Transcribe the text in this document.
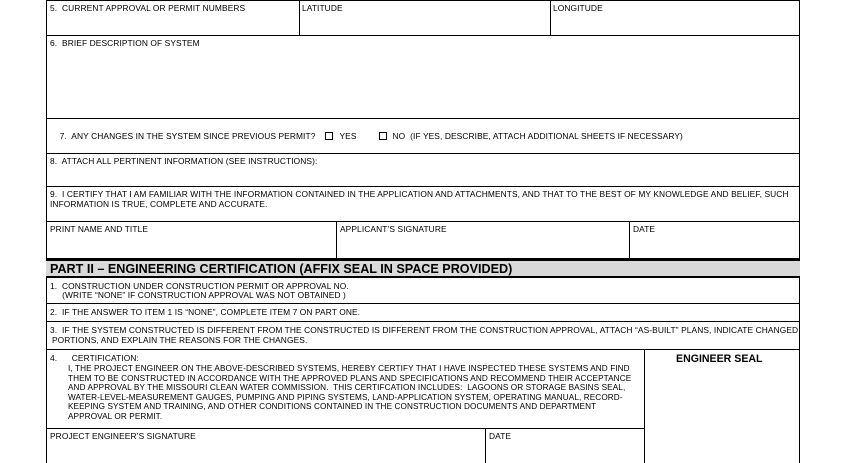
5.  CURRENT APPROVAL OR PERMIT NUMBERS	LATITUDE	LONGITUDE
6.  BRIEF DESCRIPTION OF SYSTEM

7.  ANY CHANGES IN THE SYSTEM SINCE PREVIOUS PERMIT?	YES	NO  (IF YES, DESCRIBE, ATTACH ADDITIONAL SHEETS IF NECESSARY)

8.  ATTACH ALL PERTINENT INFORMATION (SEE INSTRUCTIONS):
9.  I CERTIFY THAT I AM FAMILIAR WITH THE INFORMATION CONTAINED IN THE APPLICATION AND ATTACHMENTS, AND THAT TO THE BEST OF MY KNOWLEDGE AND BELIEF, SUCH INFORMATION IS TRUE, COMPLETE AND ACCURATE.
PRINT NAME AND TITLE	APPLICANT’S SIGNATURE	DATE
PART II – ENGINEERING CERTIFICATION (AFFIX SEAL IN SPACE PROVIDED)
1.  CONSTRUCTION UNDER CONSTRUCTION PERMIT OR APPROVAL NO.
(WRITE “NONE” IF CONSTRUCTION APPROVAL WAS NOT OBTAINED )
2.  IF THE ANSWER TO ITEM 1 IS “NONE”, COMPLETE ITEM 7 ON PART ONE.
3.  IF THE SYSTEM CONSTRUCTED IS DIFFERENT FROM THE CONSTRUCTED IS DIFFERENT FROM THE CONSTRUCTION APPROVAL, ATTACH “AS-BUILT” PLANS, INDICATE CHANGED
PORTIONS, AND EXPLAIN THE REASONS FOR THE CHANGES.
ENGINEER SEAL
4.      CERTIFICATION:
I, THE PROJECT ENGINEER ON THE ABOVE-DESCRIBED SYSTEMS, HEREBY CERTIFY THAT I HAVE INSPECTED THESE SYSTEMS AND FIND THEM TO BE CONSTRUCTED IN ACCORDANCE WITH THE APPROVED PLANS AND SPECIFICATIONS AND RECOMMEND THEIR ACCEPTANCE AND APPROVAL BY THE MISSOURI CLEAN WATER COMMISSION.  THIS CERTIFCATION INCLUDES:  LAGOONS OR STORAGE BASINS SEAL, WATER-LEVEL-MEASUREMENT GAUGES, PUMPING AND PIPING SYSTEMS, LAND-APPLICATION SYSTEM, OPERATING MANUAL, RECORD-KEEPING SYSTEM AND TRAINING, AND OTHER CONDITIONS CONTAINED IN THE CONSTRUCTION DOCUMENTS AND DEPARTMENT APPROVAL OR PERMIT.
PROJECT ENGINEER’S SIGNATURE	DATE
